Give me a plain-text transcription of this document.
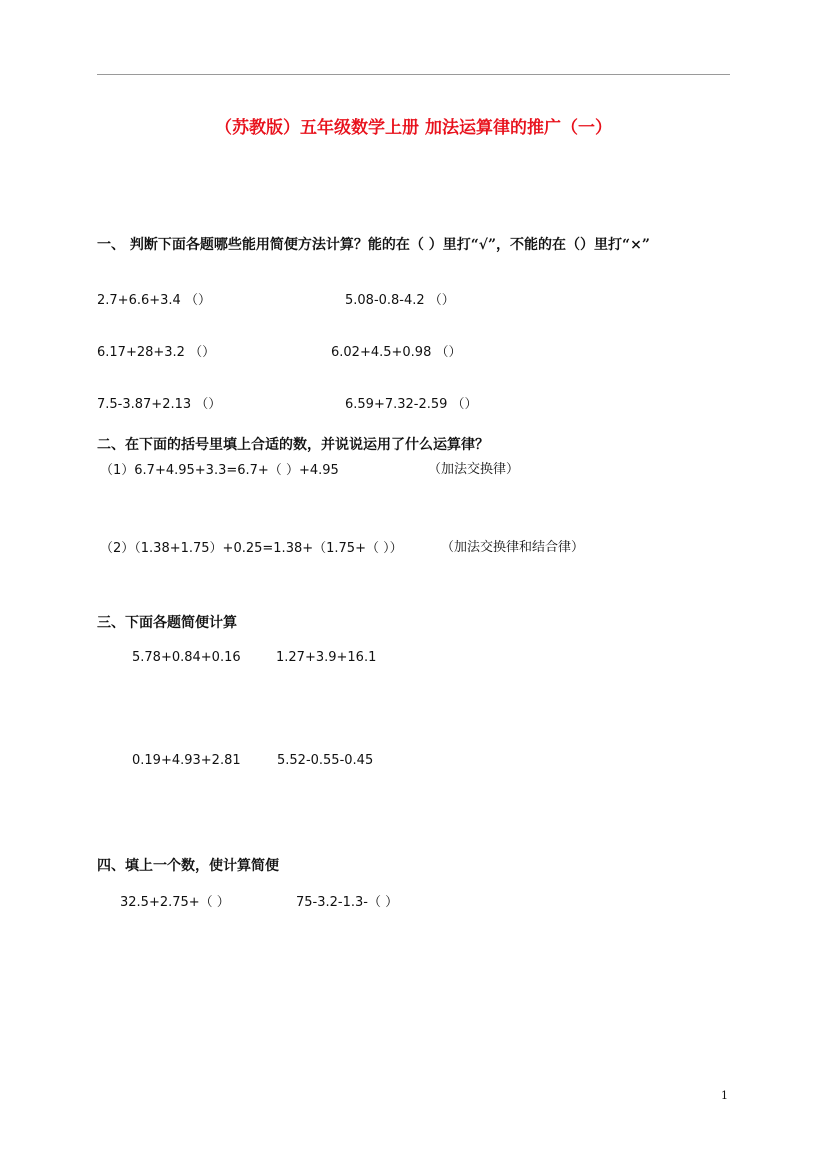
（苏教版）五年级数学上册 加法运算律的推广（一）
一、 判断下面各题哪些能用简便方法计算？能的在（ ）里打“√”，不能的在（）里打“×”
2.7+6.6+3.4 （）	5.08-0.8-4.2 （）
6.17+28+3.2 （）	6.02+4.5+0.98 （）
7.5-3.87+2.13 （）	6.59+7.32-2.59 （）
二、在下面的括号里填上合适的数，并说说运用了什么运算律？
（1）6.7+4.95+3.3=6.7+（ ）+4.95	（加法交换律）
（2）（1.38+1.75）+0.25=1.38+（1.75+（ ））	（加法交换律和结合律）
三、下面各题简便计算
5.78+0.84+0.16	1.27+3.9+16.1
0.19+4.93+2.81	5.52-0.55-0.45
四、填上一个数，使计算简便
32.5+2.75+（ ）	75-3.2-1.3-（ ）
1
